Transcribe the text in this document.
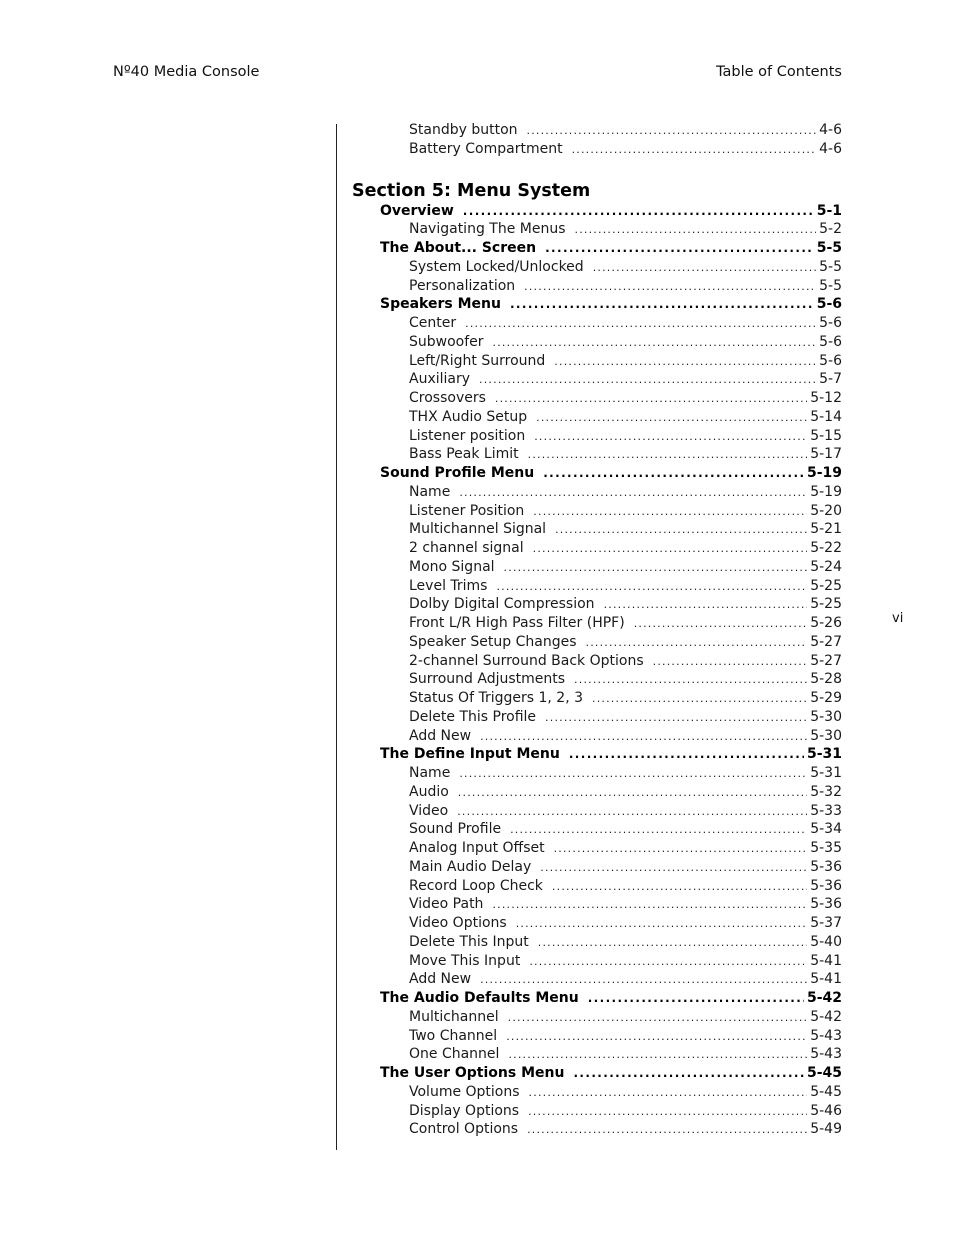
Nº40 Media Console	Table of Contents
vi
Standby button .....	4-6
Battery Compartment .....	4-6
Section 5: Menu System
Overview .....	5-1
Navigating The Menus .....	5-2
The About... Screen .....	5-5
System Locked/Unlocked .....	5-5
Personalization .....	5-5
Speakers Menu .....	5-6
Center .....	5-6
Subwoofer .....	5-6
Left/Right Surround .....	5-6
Auxiliary .....	5-7
Crossovers .....	5-12
THX Audio Setup .....	5-14
Listener position .....	5-15
Bass Peak Limit .....	5-17
Sound Profile Menu .....	5-19
Name .....	5-19
Listener Position .....	5-20
Multichannel Signal .....	5-21
2 channel signal .....	5-22
Mono Signal .....	5-24
Level Trims .....	5-25
Dolby Digital Compression .....	5-25
Front L/R High Pass Filter (HPF) .....	5-26
Speaker Setup Changes .....	5-27
2-channel Surround Back Options .....	5-27
Surround Adjustments .....	5-28
Status Of Triggers 1, 2, 3 .....	5-29
Delete This Profile .....	5-30
Add New .....	5-30
The Define Input Menu .....	5-31
Name .....	5-31
Audio .....	5-32
Video .....	5-33
Sound Profile .....	5-34
Analog Input Offset .....	5-35
Main Audio Delay .....	5-36
Record Loop Check .....	5-36
Video Path .....	5-36
Video Options .....	5-37
Delete This Input .....	5-40
Move This Input .....	5-41
Add New .....	5-41
The Audio Defaults Menu .....	5-42
Multichannel .....	5-42
Two Channel .....	5-43
One Channel .....	5-43
The User Options Menu .....	5-45
Volume Options .....	5-45
Display Options .....	5-46
Control Options .....	5-49
